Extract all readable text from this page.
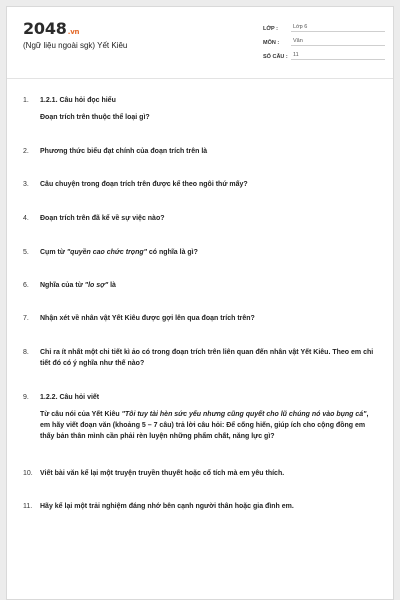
2048.vn
(Ngữ liệu ngoài sgk) Yết Kiêu
LỚP :	Lớp 6
MÔN :	Văn
SỐ CÂU : 11
1.	1.2.1. Câu hỏi đọc hiểu
Đoạn trích trên thuộc thể loại gì?
2.	Phương thức biểu đạt chính của đoạn trích trên là
3.	Câu chuyện trong đoạn trích trên được kể theo ngôi thứ mấy?
4.	Đoạn trích trên đã kể về sự việc nào?
5.	Cụm từ "quyền cao chức trọng" có nghĩa là gì?
6.	Nghĩa của từ "lo sợ" là
7.	Nhận xét về nhân vật Yết Kiêu được gợi lên qua đoạn trích trên?
8.	Chỉ ra ít nhất một chi tiết kì ảo có trong đoạn trích trên liên quan đến nhân vật Yết Kiêu. Theo em chi tiết đó có ý nghĩa như thế nào?
9.	1.2.2. Câu hỏi viết
Từ câu nói của Yết Kiêu "Tôi tuy tài hèn sức yếu nhưng cũng quyết cho lũ chúng nó vào bụng cá", em hãy viết đoạn văn (khoảng 5 – 7 câu) trả lời câu hỏi: Để cống hiến, giúp ích cho cộng đồng em thấy bản thân mình cần phải rèn luyện những phẩm chất, năng lực gì?
10.	Viết bài văn kể lại một truyện truyền thuyết hoặc cổ tích mà em yêu thích.
11.	Hãy kể lại một trải nghiệm đáng nhớ bên cạnh người thân hoặc gia đình em.
